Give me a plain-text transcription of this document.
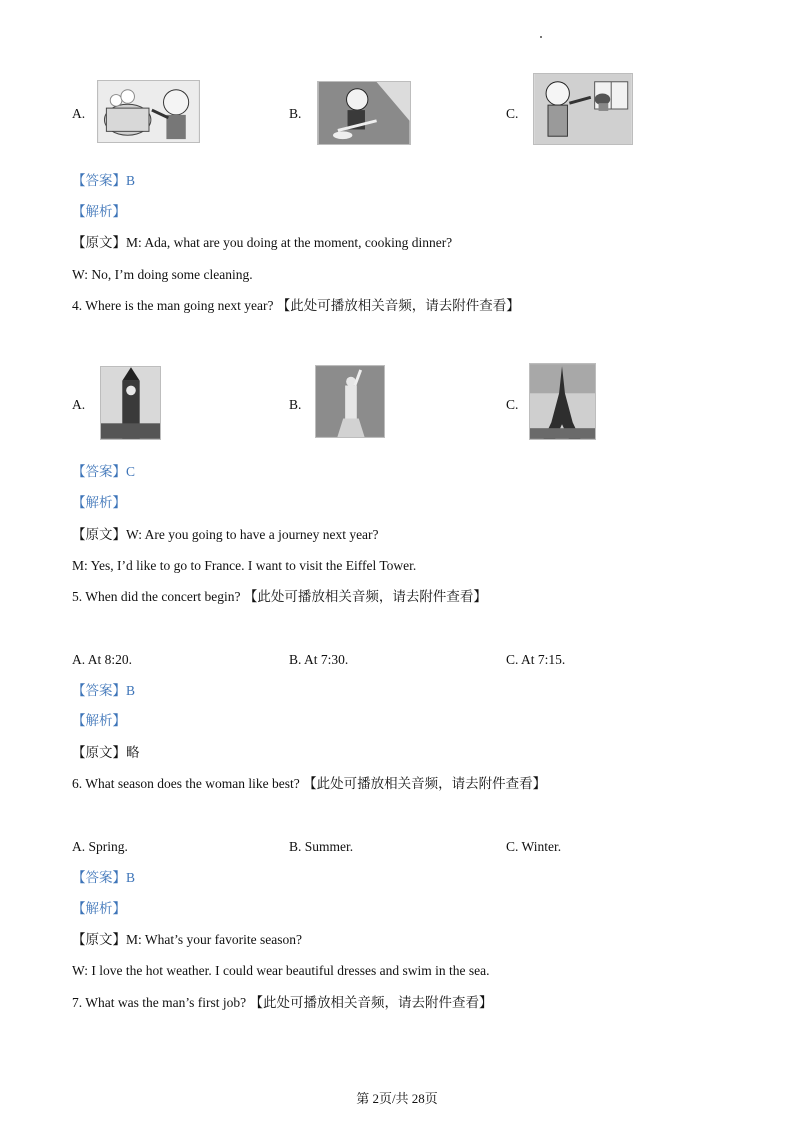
A.	B.	C.
【答案】B
【解析】
【原文】M: Ada, what are you doing at the moment, cooking dinner?
W: No, I’m doing some cleaning.
4. Where is the man going next year? 【此处可播放相关音频，请去附件查看】
A.	B.	C.
【答案】C
【解析】
【原文】W: Are you going to have a journey next year?
M: Yes, I’d like to go to France. I want to visit the Eiffel Tower.
5. When did the concert begin? 【此处可播放相关音频，请去附件查看】
A. At 8:20.	B. At 7:30.	C. At 7:15.
【答案】B
【解析】
【原文】略
6. What season does the woman like best? 【此处可播放相关音频，请去附件查看】
A. Spring.	B. Summer.	C. Winter.
【答案】B
【解析】
【原文】M: What’s your favorite season?
W: I love the hot weather. I could wear beautiful dresses and swim in the sea.
7. What was the man’s first job? 【此处可播放相关音频，请去附件查看】
第 2页/共 28页
